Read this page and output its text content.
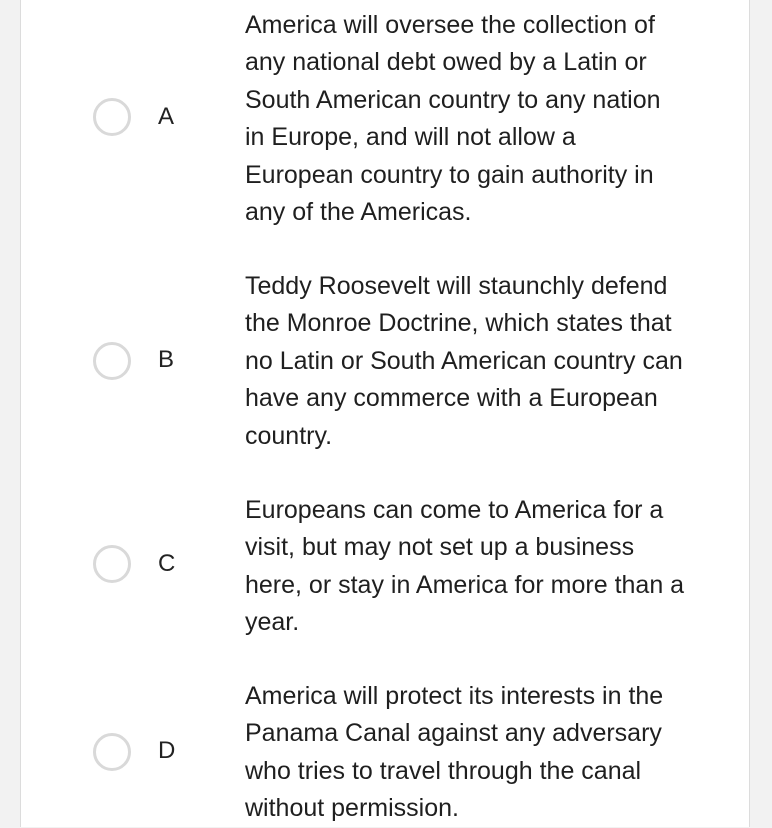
A

America will oversee the collection of any national debt owed by a Latin or South American country to any nation in Europe, and will not allow a European country to gain authority in any of the Americas.

B

Teddy Roosevelt will staunchly defend the Monroe Doctrine, which states that no Latin or South American country can have any commerce with a European country.

C

Europeans can come to America for a visit, but may not set up a business here, or stay in America for more than a year.

D

America will protect its interests in the Panama Canal against any adversary who tries to travel through the canal without permission.
